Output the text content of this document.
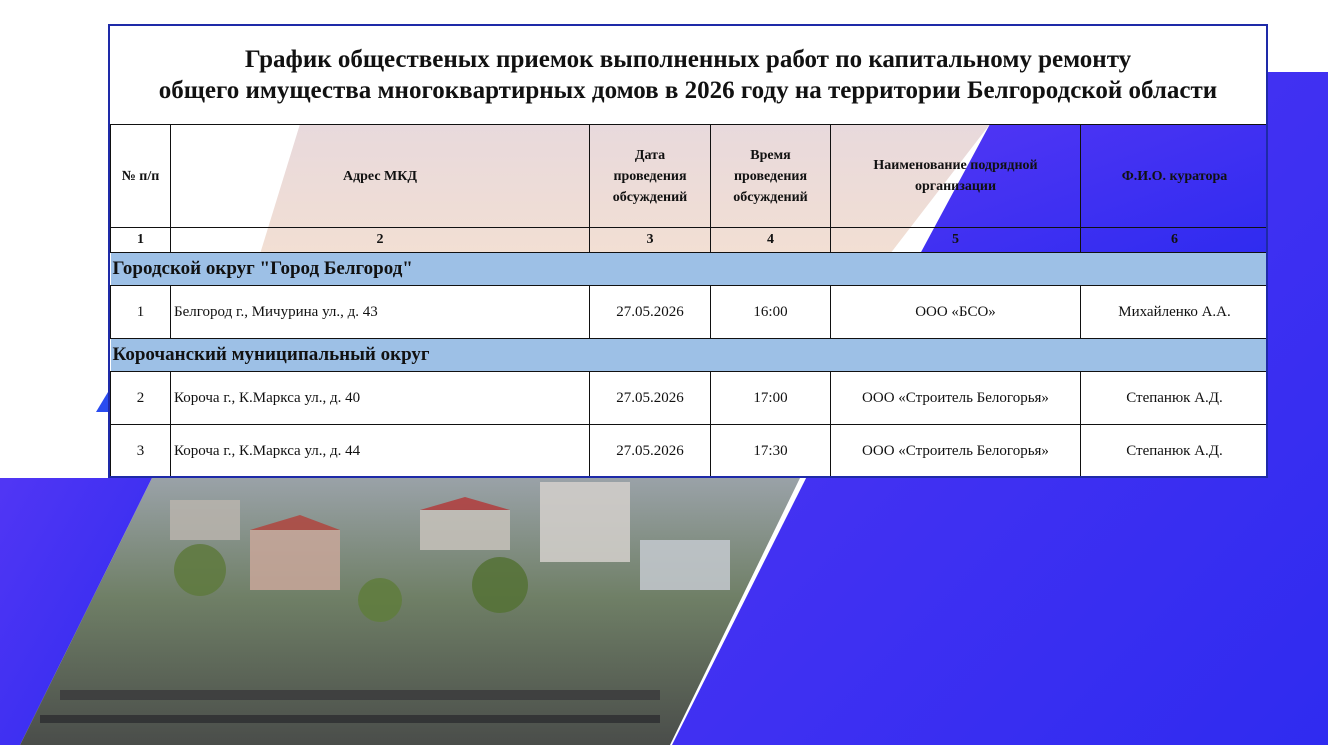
График общественых приемок выполненных работ по капитальному ремонту
общего имущества многоквартирных домов в 2026 году на территории Белгородской области

№ п/п	Адрес МКД	Дата проведения обсуждений	Время проведения обсуждений	Наименование подрядной организации	Ф.И.О. куратора
1	2	3	4	5	6
Городской округ "Город Белгород"					
1	Белгород г., Мичурина ул., д. 43	27.05.2026	16:00	ООО «БСО»	Михайленко А.А.
Корочанский муниципальный округ					
2	Короча г., К.Маркса ул., д. 40	27.05.2026	17:00	ООО «Строитель Белогорья»	Степанюк А.Д.
3	Короча г., К.Маркса ул., д. 44	27.05.2026	17:30	ООО «Строитель Белогорья»	Степанюк А.Д.
